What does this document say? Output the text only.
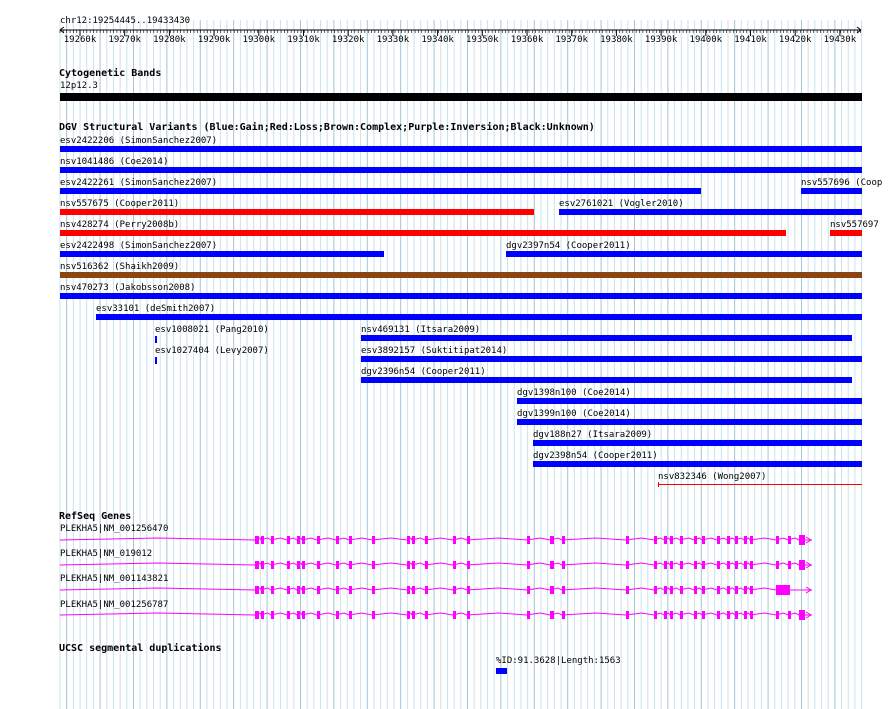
chr12:19254445..19433430
19260k 19270k 19280k 19290k 19300k 19310k 19320k 19330k 19340k 19350k 19360k 19370k 19380k 19390k 19400k 19410k 19420k 19430k
Cytogenetic Bands
12p12.3
DGV Structural Variants (Blue:Gain;Red:Loss;Brown:Complex;Purple:Inversion;Black:Unknown)
esv2422206 (SimonSanchez2007)
nsv1041486 (Coe2014)
esv2422261 (SimonSanchez2007)	nsv557696 (Coop
nsv557675 (Cooper2011)	esv2761021 (Vogler2010)
nsv428274 (Perry2008b)	nsv557697
esv2422498 (SimonSanchez2007)	dgv2397n54 (Cooper2011)
nsv516362 (Shaikh2009)
nsv470273 (Jakobsson2008)
esv33101 (deSmith2007)
esv1008021 (Pang2010)	nsv469131 (Itsara2009)
esv1027404 (Levy2007)	esv3892157 (Suktitipat2014)
dgv2396n54 (Cooper2011)
dgv1398n100 (Coe2014)
dgv1399n100 (Coe2014)
dgv188n27 (Itsara2009)
dgv2398n54 (Cooper2011)
nsv832346 (Wong2007)
RefSeq Genes
PLEKHA5|NM_001256470
PLEKHA5|NM_019012
PLEKHA5|NM_001143821
PLEKHA5|NM_001256787
UCSC segmental duplications
%ID:91.3628|Length:1563
